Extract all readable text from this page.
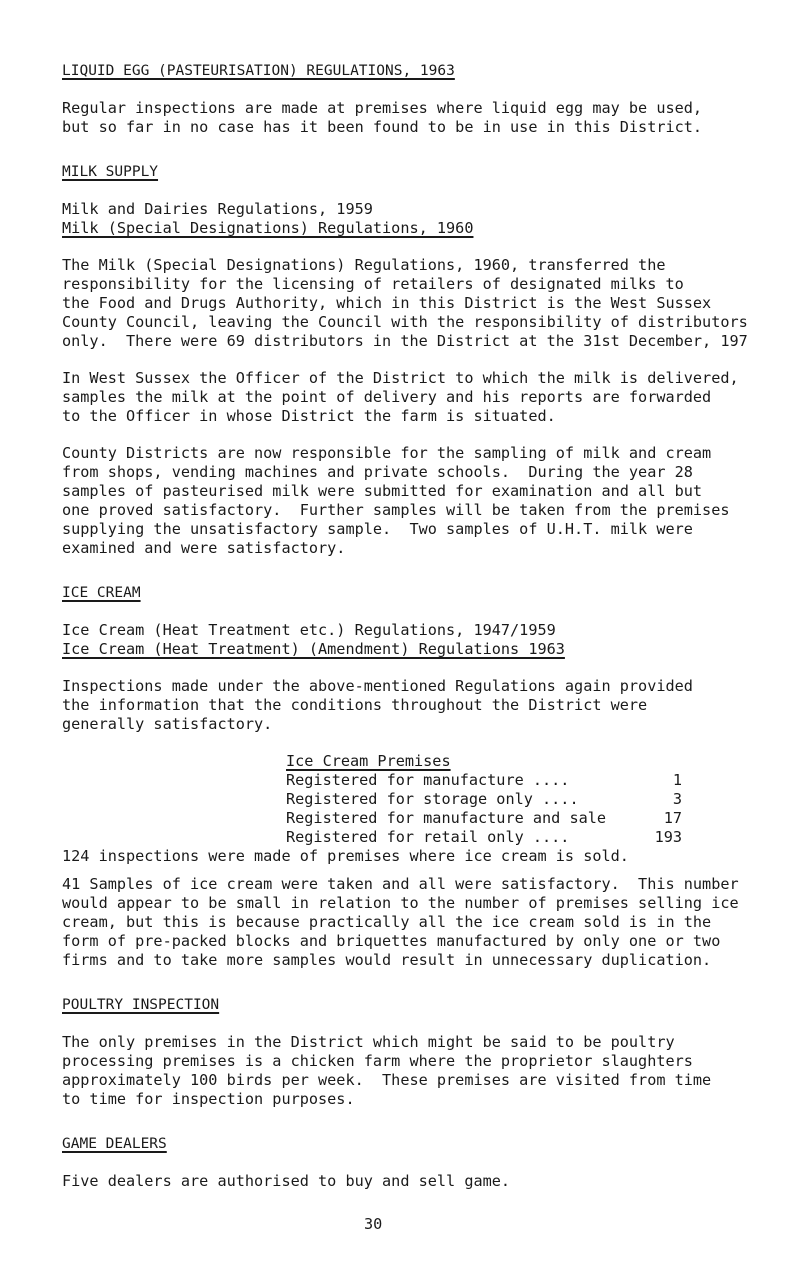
LIQUID EGG (PASTEURISATION) REGULATIONS, 1963
Regular inspections are made at premises where liquid egg may be used,
but so far in no case has it been found to be in use in this District.
MILK SUPPLY
Milk and Dairies Regulations, 1959
Milk (Special Designations) Regulations, 1960
The Milk (Special Designations) Regulations, 1960, transferred the
responsibility for the licensing of retailers of designated milks to
the Food and Drugs Authority, which in this District is the West Sussex
County Council, leaving the Council with the responsibility of distributors
only.  There were 69 distributors in the District at the 31st December, 197
In West Sussex the Officer of the District to which the milk is delivered,
samples the milk at the point of delivery and his reports are forwarded
to the Officer in whose District the farm is situated.
County Districts are now responsible for the sampling of milk and cream
from shops, vending machines and private schools.  During the year 28
samples of pasteurised milk were submitted for examination and all but
one proved satisfactory.  Further samples will be taken from the premises
supplying the unsatisfactory sample.  Two samples of U.H.T. milk were
examined and were satisfactory.
ICE CREAM
Ice Cream (Heat Treatment etc.) Regulations, 1947/1959
Ice Cream (Heat Treatment) (Amendment) Regulations 1963
Inspections made under the above-mentioned Regulations again provided
the information that the conditions throughout the District were
generally satisfactory.
Ice Cream Premises
Registered for manufacture ....	1
Registered for storage only ....	3
Registered for manufacture and sale	17
Registered for retail only ....	193
124 inspections were made of premises where ice cream is sold.
41 Samples of ice cream were taken and all were satisfactory.  This number
would appear to be small in relation to the number of premises selling ice
cream, but this is because practically all the ice cream sold is in the
form of pre-packed blocks and briquettes manufactured by only one or two
firms and to take more samples would result in unnecessary duplication.
POULTRY INSPECTION
The only premises in the District which might be said to be poultry
processing premises is a chicken farm where the proprietor slaughters
approximately 100 birds per week.  These premises are visited from time
to time for inspection purposes.
GAME DEALERS
Five dealers are authorised to buy and sell game.
30
